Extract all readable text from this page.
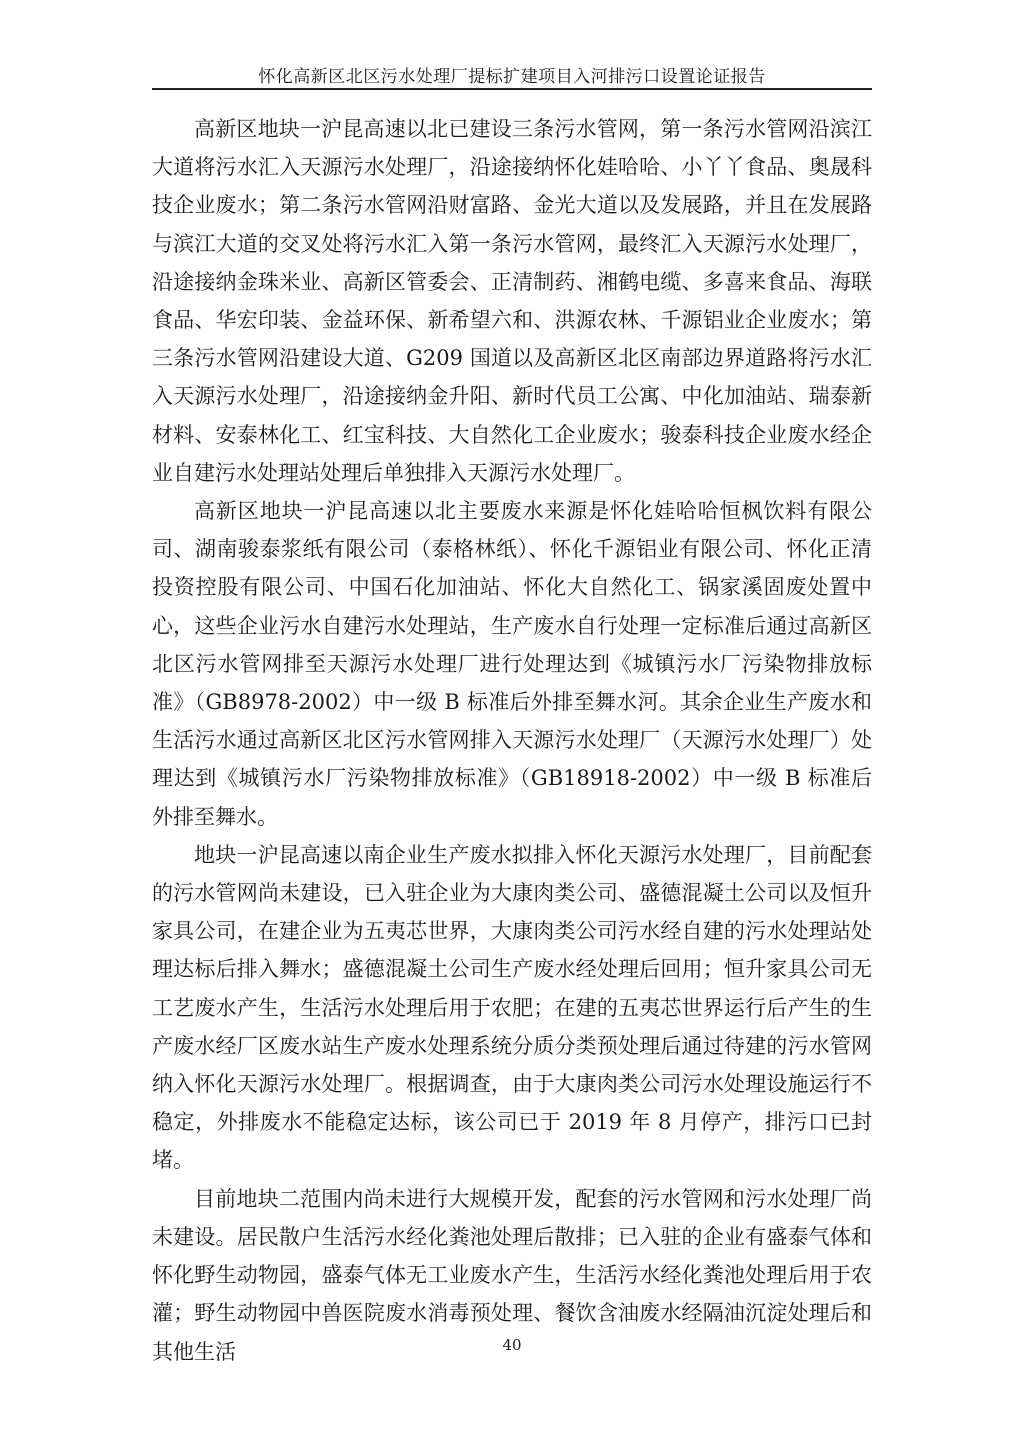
怀化高新区北区污水处理厂提标扩建项目入河排污口设置论证报告

高新区地块一沪昆高速以北已建设三条污水管网，第一条污水管网沿滨江大道将污水汇入天源污水处理厂，沿途接纳怀化娃哈哈、小丫丫食品、奥晟科技企业废水；第二条污水管网沿财富路、金光大道以及发展路，并且在发展路与滨江大道的交叉处将污水汇入第一条污水管网，最终汇入天源污水处理厂，沿途接纳金珠米业、高新区管委会、正清制药、湘鹤电缆、多喜来食品、海联食品、华宏印装、金益环保、新希望六和、洪源农林、千源铝业企业废水；第三条污水管网沿建设大道、G209 国道以及高新区北区南部边界道路将污水汇入天源污水处理厂，沿途接纳金升阳、新时代员工公寓、中化加油站、瑞泰新材料、安泰林化工、红宝科技、大自然化工企业废水；骏泰科技企业废水经企业自建污水处理站处理后单独排入天源污水处理厂。

高新区地块一沪昆高速以北主要废水来源是怀化娃哈哈恒枫饮料有限公司、湖南骏泰浆纸有限公司（泰格林纸）、怀化千源铝业有限公司、怀化正清投资控股有限公司、中国石化加油站、怀化大自然化工、锅家溪固废处置中心，这些企业污水自建污水处理站，生产废水自行处理一定标准后通过高新区北区污水管网排至天源污水处理厂进行处理达到《城镇污水厂污染物排放标准》（GB8978-2002）中一级 B 标准后外排至舞水河。其余企业生产废水和生活污水通过高新区北区污水管网排入天源污水处理厂（天源污水处理厂）处理达到《城镇污水厂污染物排放标准》（GB18918-2002）中一级 B 标准后外排至舞水。

地块一沪昆高速以南企业生产废水拟排入怀化天源污水处理厂，目前配套的污水管网尚未建设，已入驻企业为大康肉类公司、盛德混凝土公司以及恒升家具公司，在建企业为五夷芯世界，大康肉类公司污水经自建的污水处理站处理达标后排入舞水；盛德混凝土公司生产废水经处理后回用；恒升家具公司无工艺废水产生，生活污水处理后用于农肥；在建的五夷芯世界运行后产生的生产废水经厂区废水站生产废水处理系统分质分类预处理后通过待建的污水管网纳入怀化天源污水处理厂。根据调查，由于大康肉类公司污水处理设施运行不稳定，外排废水不能稳定达标，该公司已于 2019 年 8 月停产，排污口已封堵。

目前地块二范围内尚未进行大规模开发，配套的污水管网和污水处理厂尚未建设。居民散户生活污水经化粪池处理后散排；已入驻的企业有盛泰气体和怀化野生动物园，盛泰气体无工业废水产生，生活污水经化粪池处理后用于农灌；野生动物园中兽医院废水消毒预处理、餐饮含油废水经隔油沉淀处理后和其他生活	40
